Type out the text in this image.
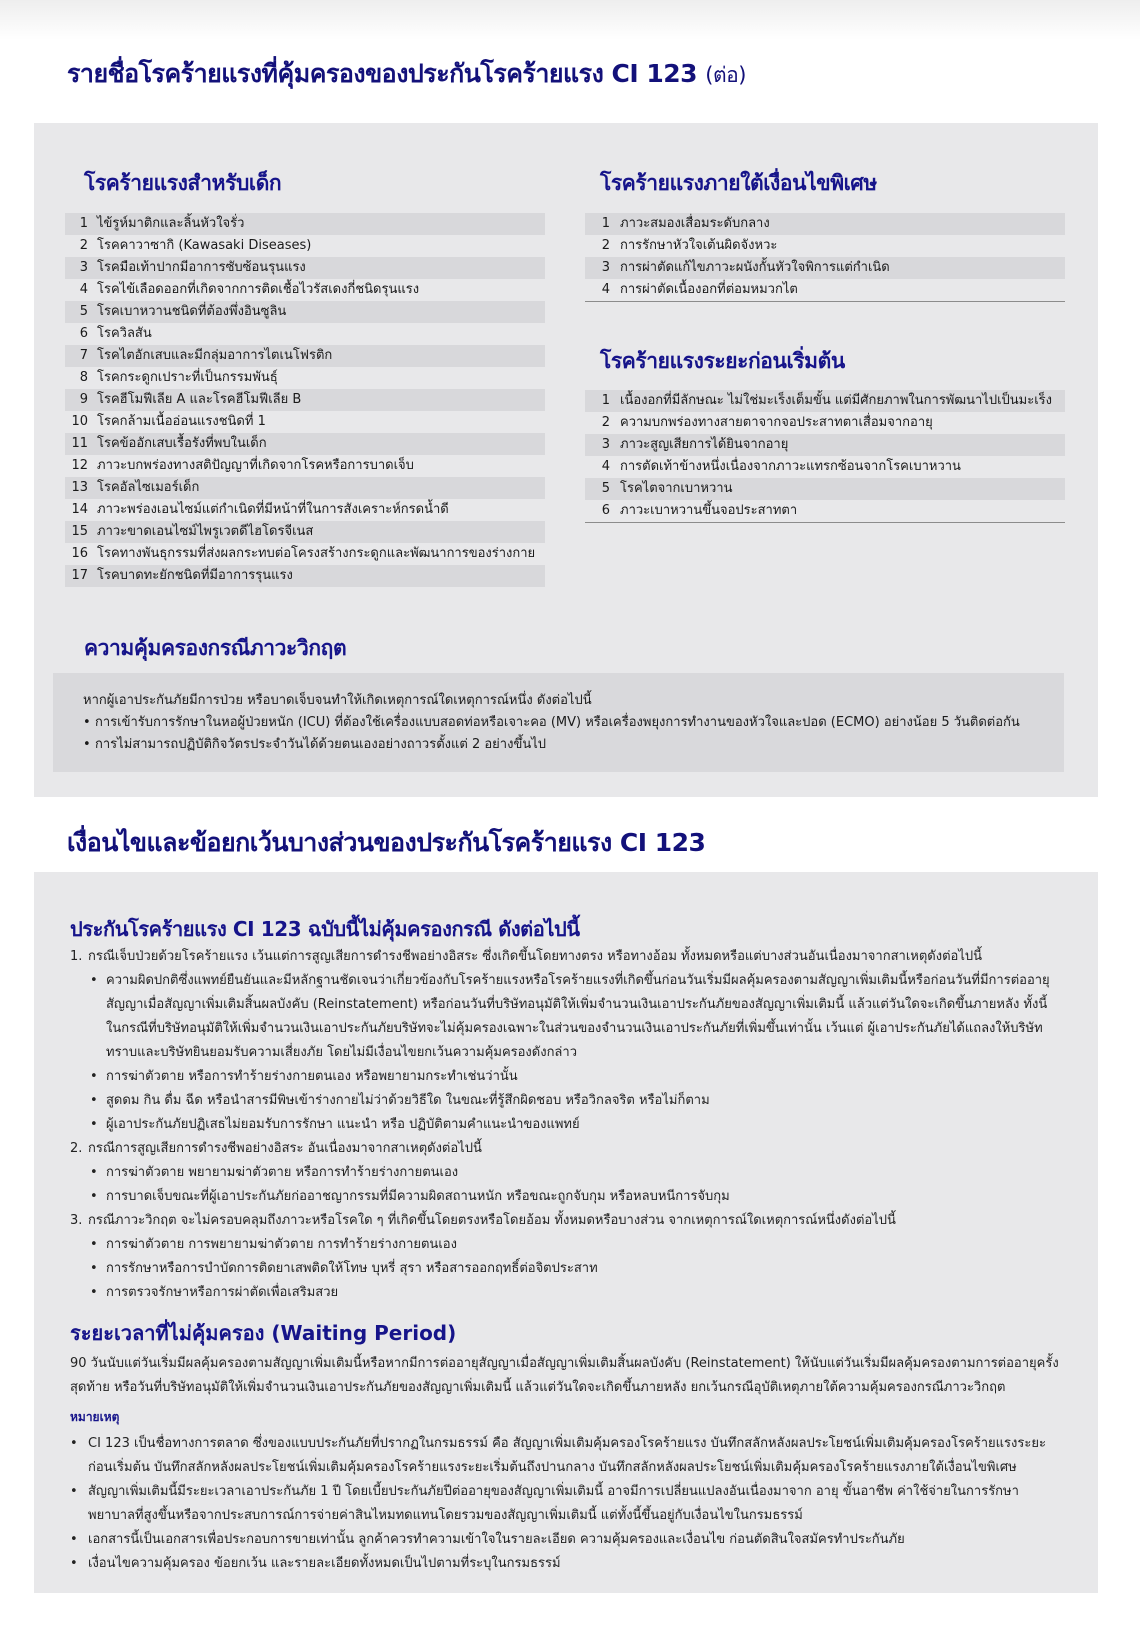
รายชื่อโรคร้ายแรงที่คุ้มครองของประกันโรคร้ายแรง CI 123 (ต่อ)
โรคร้ายแรงสำหรับเด็ก
1 ไข้รูห์มาติกและลิ้นหัวใจรั่ว
2 โรคคาวาซากิ (Kawasaki Diseases)
3 โรคมือเท้าปากมีอาการซับซ้อนรุนแรง
4 โรคไข้เลือดออกที่เกิดจากการติดเชื้อไวรัสเดงกี่ชนิดรุนแรง
5 โรคเบาหวานชนิดที่ต้องพึ่งอินซูลิน
6 โรควิลสัน
7 โรคไตอักเสบและมีกลุ่มอาการไตเนโฟรติก
8 โรคกระดูกเปราะที่เป็นกรรมพันธุ์
9 โรคฮีโมฟีเลีย A และโรคฮีโมฟีเลีย B
10 โรคกล้ามเนื้ออ่อนแรงชนิดที่ 1
11 โรคข้ออักเสบเรื้อรังที่พบในเด็ก
12 ภาวะบกพร่องทางสติปัญญาที่เกิดจากโรคหรือการบาดเจ็บ
13 โรคอัลไซเมอร์เด็ก
14 ภาวะพร่องเอนไซม์แต่กำเนิดที่มีหน้าที่ในการสังเคราะห์กรดน้ำดี
15 ภาวะขาดเอนไซม์ไพรูเวตดีไฮโดรจีเนส
16 โรคทางพันธุกรรมที่ส่งผลกระทบต่อโครงสร้างกระดูกและพัฒนาการของร่างกาย
17 โรคบาดทะยักชนิดที่มีอาการรุนแรง
โรคร้ายแรงภายใต้เงื่อนไขพิเศษ
1 ภาวะสมองเสื่อมระดับกลาง
2 การรักษาหัวใจเต้นผิดจังหวะ
3 การผ่าตัดแก้ไขภาวะผนังกั้นหัวใจพิการแต่กำเนิด
4 การผ่าตัดเนื้องอกที่ต่อมหมวกไต
โรคร้ายแรงระยะก่อนเริ่มต้น
1 เนื้องอกที่มีลักษณะ ไม่ใช่มะเร็งเต็มขั้น แต่มีศักยภาพในการพัฒนาไปเป็นมะเร็ง
2 ความบกพร่องทางสายตาจากจอประสาทตาเสื่อมจากอายุ
3 ภาวะสูญเสียการได้ยินจากอายุ
4 การตัดเท้าข้างหนึ่งเนื่องจากภาวะแทรกซ้อนจากโรคเบาหวาน
5 โรคไตจากเบาหวาน
6 ภาวะเบาหวานขึ้นจอประสาทตา
ความคุ้มครองกรณีภาวะวิกฤต
หากผู้เอาประกันภัยมีการป่วย หรือบาดเจ็บจนทำให้เกิดเหตุการณ์ใดเหตุการณ์หนึ่ง ดังต่อไปนี้
• การเข้ารับการรักษาในหอผู้ป่วยหนัก (ICU) ที่ต้องใช้เครื่องแบบสอดท่อหรือเจาะคอ (MV) หรือเครื่องพยุงการทำงานของหัวใจและปอด (ECMO) อย่างน้อย 5 วันติดต่อกัน
• การไม่สามารถปฏิบัติกิจวัตรประจำวันได้ด้วยตนเองอย่างถาวรตั้งแต่ 2 อย่างขึ้นไป
เงื่อนไขและข้อยกเว้นบางส่วนของประกันโรคร้ายแรง CI 123
ประกันโรคร้ายแรง CI 123 ฉบับนี้ไม่คุ้มครองกรณี ดังต่อไปนี้
1. กรณีเจ็บป่วยด้วยโรคร้ายแรง เว้นแต่การสูญเสียการดำรงชีพอย่างอิสระ ซึ่งเกิดขึ้นโดยทางตรง หรือทางอ้อม ทั้งหมดหรือแต่บางส่วนอันเนื่องมาจากสาเหตุดังต่อไปนี้
• ความผิดปกติซึ่งแพทย์ยืนยันและมีหลักฐานชัดเจนว่าเกี่ยวข้องกับโรคร้ายแรงหรือโรคร้ายแรงที่เกิดขึ้นก่อนวันเริ่มมีผลคุ้มครองตามสัญญาเพิ่มเติมนี้หรือก่อนวันที่มีการต่ออายุสัญญาเมื่อสัญญาเพิ่มเติมสิ้นผลบังคับ (Reinstatement) หรือก่อนวันที่บริษัทอนุมัติให้เพิ่มจำนวนเงินเอาประกันภัยของสัญญาเพิ่มเติมนี้ แล้วแต่วันใดจะเกิดขึ้นภายหลัง ทั้งนี้ในกรณีที่บริษัทอนุมัติให้เพิ่มจำนวนเงินเอาประกันภัยบริษัทจะไม่คุ้มครองเฉพาะในส่วนของจำนวนเงินเอาประกันภัยที่เพิ่มขึ้นเท่านั้น เว้นแต่ ผู้เอาประกันภัยได้แถลงให้บริษัททราบและบริษัทยินยอมรับความเสี่ยงภัย โดยไม่มีเงื่อนไขยกเว้นความคุ้มครองดังกล่าว
• การฆ่าตัวตาย หรือการทำร้ายร่างกายตนเอง หรือพยายามกระทำเช่นว่านั้น
• สูดดม กิน ดื่ม ฉีด หรือนำสารมีพิษเข้าร่างกายไม่ว่าด้วยวิธีใด ในขณะที่รู้สึกผิดชอบ หรือวิกลจริต หรือไม่ก็ตาม
• ผู้เอาประกันภัยปฏิเสธไม่ยอมรับการรักษา แนะนำ หรือ ปฏิบัติตามคำแนะนำของแพทย์
2. กรณีการสูญเสียการดำรงชีพอย่างอิสระ อันเนื่องมาจากสาเหตุดังต่อไปนี้
• การฆ่าตัวตาย พยายามฆ่าตัวตาย หรือการทำร้ายร่างกายตนเอง
• การบาดเจ็บขณะที่ผู้เอาประกันภัยก่ออาชญากรรมที่มีความผิดสถานหนัก หรือขณะถูกจับกุม หรือหลบหนีการจับกุม
3. กรณีภาวะวิกฤต จะไม่ครอบคลุมถึงภาวะหรือโรคใด ๆ ที่เกิดขึ้นโดยตรงหรือโดยอ้อม ทั้งหมดหรือบางส่วน จากเหตุการณ์ใดเหตุการณ์หนึ่งดังต่อไปนี้
• การฆ่าตัวตาย การพยายามฆ่าตัวตาย การทำร้ายร่างกายตนเอง
• การรักษาหรือการบำบัดการติดยาเสพติดให้โทษ บุหรี่ สุรา หรือสารออกฤทธิ์ต่อจิตประสาท
• การตรวจรักษาหรือการผ่าตัดเพื่อเสริมสวย
ระยะเวลาที่ไม่คุ้มครอง (Waiting Period)
90 วันนับแต่วันเริ่มมีผลคุ้มครองตามสัญญาเพิ่มเติมนี้หรือหากมีการต่ออายุสัญญาเมื่อสัญญาเพิ่มเติมสิ้นผลบังคับ (Reinstatement) ให้นับแต่วันเริ่มมีผลคุ้มครองตามการต่ออายุครั้งสุดท้าย หรือวันที่บริษัทอนุมัติให้เพิ่มจำนวนเงินเอาประกันภัยของสัญญาเพิ่มเติมนี้ แล้วแต่วันใดจะเกิดขึ้นภายหลัง ยกเว้นกรณีอุบัติเหตุภายใต้ความคุ้มครองกรณีภาวะวิกฤต
หมายเหตุ
• CI 123 เป็นชื่อทางการตลาด ซึ่งของแบบประกันภัยที่ปรากฏในกรมธรรม์ คือ สัญญาเพิ่มเติมคุ้มครองโรคร้ายแรง บันทึกสลักหลังผลประโยชน์เพิ่มเติมคุ้มครองโรคร้ายแรงระยะก่อนเริ่มต้น บันทึกสลักหลังผลประโยชน์เพิ่มเติมคุ้มครองโรคร้ายแรงระยะเริ่มต้นถึงปานกลาง บันทึกสลักหลังผลประโยชน์เพิ่มเติมคุ้มครองโรคร้ายแรงภายใต้เงื่อนไขพิเศษ
• สัญญาเพิ่มเติมนี้มีระยะเวลาเอาประกันภัย 1 ปี โดยเบี้ยประกันภัยปีต่ออายุของสัญญาเพิ่มเติมนี้ อาจมีการเปลี่ยนแปลงอันเนื่องมาจาก อายุ ขั้นอาชีพ ค่าใช้จ่ายในการรักษาพยาบาลที่สูงขึ้นหรือจากประสบการณ์การจ่ายค่าสินไหมทดแทนโดยรวมของสัญญาเพิ่มเติมนี้ แต่ทั้งนี้ขึ้นอยู่กับเงื่อนไขในกรมธรรม์
• เอกสารนี้เป็นเอกสารเพื่อประกอบการขายเท่านั้น ลูกค้าควรทำความเข้าใจในรายละเอียด ความคุ้มครองและเงื่อนไข ก่อนตัดสินใจสมัครทำประกันภัย
• เงื่อนไขความคุ้มครอง ข้อยกเว้น และรายละเอียดทั้งหมดเป็นไปตามที่ระบุในกรมธรรม์
